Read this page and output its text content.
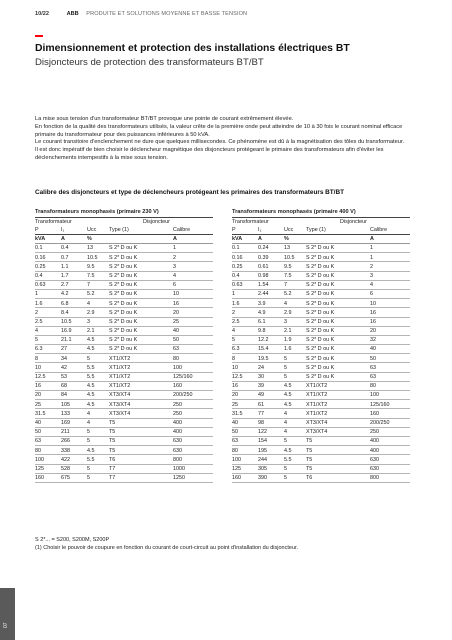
10/22	ABB PRODUITE ET SOLUTIONS MOYENNE ET BASSE TENSION
Dimensionnement et protection des installations électriques BT
Disjoncteurs de protection des transformateurs BT/BT

La mise sous tension d'un transformateur BT/BT provoque une pointe de courant extrêmement élevée.

En fonction de la qualité des transformateurs utilisés, la valeur crête de la première onde peut atteindre de 10 à 30 fois le courant nominal efficace primaire du transformateur pour des puissances inférieures à 50 kVA.

Le courant transitoire d'enclenchement ne dure que quelques millisecondes. Ce phénomène est dû à la magnétisation des tôles du transformateur.

Il est donc impératif de bien choisir le déclencheur magnétique des disjoncteurs protégeant le primaire des transformateurs afin d'éviter les déclenchements intempestifs à la mise sous tension.

Calibre des disjoncteurs et type de déclencheurs protégeant les primaires des transformateurs BT/BT
Transformateurs monophasés (primaire 230 V)
Transformateur	Disjoncteur
P	I₁	Ucc Type (1)	Calibre
kVA	A	%	A
0.1	0.4	13	S 2* D ou K	1
0.16	0.7	10.5 S 2* D ou K	2
0.25	1.1	9.5	S 2* D ou K	3
0.4	1.7	7.5	S 2* D ou K	4
0.63	2.7	7	S 2* D ou K	6
1	4.2	5.2	S 2* D ou K	10
1.6	6.8	4	S 2* D ou K	16
2	8.4	2.9	S 2* D ou K	20
2.5	10.5	3	S 2* D ou K	25
4	16.9	2.1	S 2* D ou K	40
5	21.1	4.5	S 2* D ou K	50
6.3	27	4.5	S 2* D ou K	63
8	34	5	XT1/XT2	80
10	42	5.5	XT1/XT2	100
12.5	53	5.5	XT1/XT2	125/160
16	68	4.5	XT1/XT2	160
20	84	4.5	XT3/XT4	200/250
25	105	4.5	XT3/XT4	250
31.5	133	4	XT3/XT4	250
40	169	4	T5	400
50	211	5	T5	400
63	266	5	T5	630
80	338	4.5	T5	630
100	422	5.5	T6	800
125	528	5	T7	1000
160	675	5	T7	1250
Transformateurs monophasés (primaire 400 V)
Transformateur	Disjoncteur
P	I₁	Ucc Type (1)	Calibre
kVA	A	%	A
0.1	0.24	13	S 2* D ou K	1
0.16	0.39	10.5 S 2* D ou K	1
0.25	0.61	9.5	S 2* D ou K	2
0.4	0.98	7.5	S 2* D ou K	3
0.63	1.54	7	S 2* D ou K	4
1	2.44	5.2	S 2* D ou K	6
1.6	3.9	4	S 2* D ou K	10
2	4.9	2.9	S 2* D ou K	16
2.5	6.1	3	S 2* D ou K	16
4	9.8	2.1	S 2* D ou K	20
5	12.2	1.9	S 2* D ou K	32
6.3	15.4	1.6	S 2* D ou K	40
8	19.5	5	S 2* D ou K	50
10	24	5	S 2* D ou K	63
12.5	30	5	S 2* D ou K	63
16	39	4.5	XT1/XT2	80
20	49	4.5	XT1/XT2	100
25	61	4.5	XT1/XT2	125/160
31.5	77	4	XT1/XT2	160
40	98	4	XT3/XT4	200/250
50	122	4	XT3/XT4	250
63	154	5	T5	400
80	195	4.5	T5	400
100	244	5.5	T5	630
125	305	5	T5	630
160	390	5	T6	800

S 2*... = S200, S200M, S200P

(1) Choisir le pouvoir de coupure en fonction du courant de court-circuit au point d'installation du disjoncteur.

07
